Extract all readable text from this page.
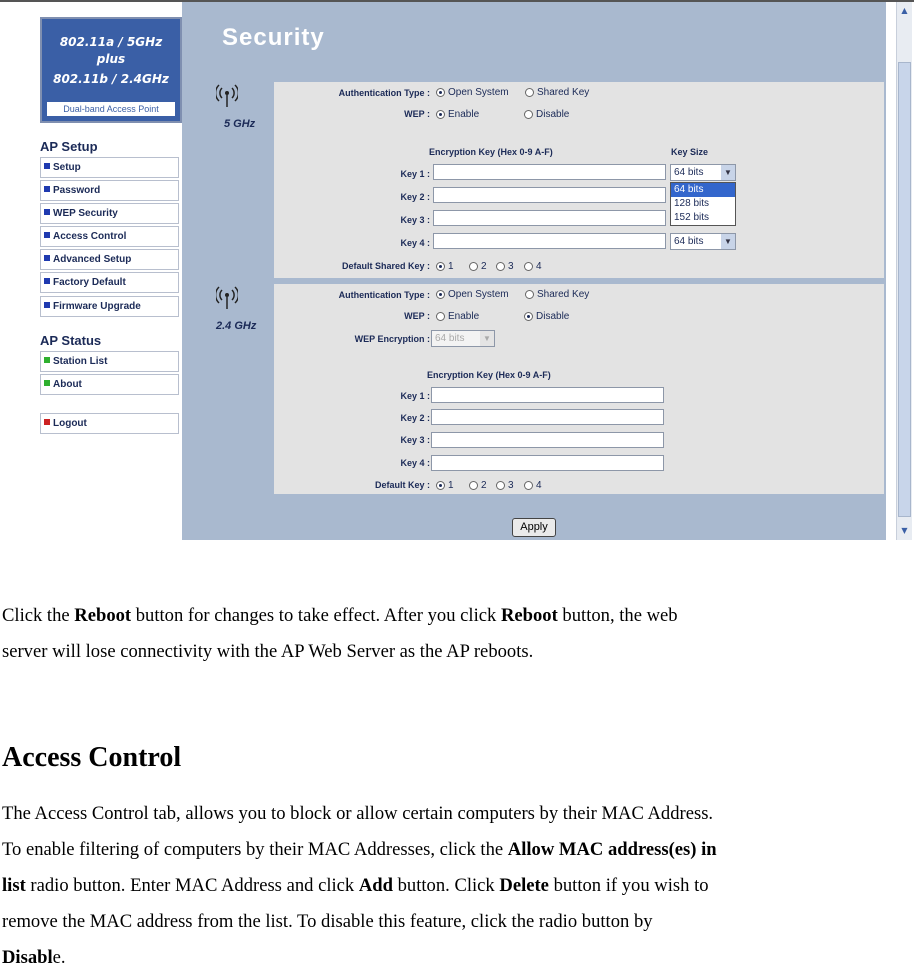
802.11a / 5GHz
plus
802.11b / 2.4GHz
Dual-band Access Point
AP Setup
Setup
Password
WEP Security
Access Control
Advanced Setup
Factory Default
Firmware Upgrade
AP Status
Station List
About
Logout
Security
5 GHz
Authentication Type :	Open System	Shared Key
WEP :	Enable	Disable
Encryption Key (Hex 0-9 A-F)	Key Size
Key 1 :	64 bits	▼
Key 2 :
Key 3 :
Key 4 :	64 bits	▼
64 bits
128 bits
152 bits
Default Shared Key :	1	2	3	4
2.4 GHz
Authentication Type :	Open System	Shared Key
WEP :	Enable	Disable
WEP Encryption : 64 bits	▼
Encryption Key (Hex 0-9 A-F)
Key 1 :
Key 2 :
Key 3 :
Key 4 :
Default Key :	1	2	3	4
Apply
▲
▼
Click the Reboot button for changes to take effect. After you click Reboot button, the web
server will lose connectivity with the AP Web Server as the AP reboots.
Access Control
The Access Control tab, allows you to block or allow certain computers by their MAC Address.
To enable filtering of computers by their MAC Addresses, click the Allow MAC address(es) in
list radio button. Enter MAC Address and click Add button. Click Delete button if you wish to
remove the MAC address from the list. To disable this feature, click the radio button by
Disable.
